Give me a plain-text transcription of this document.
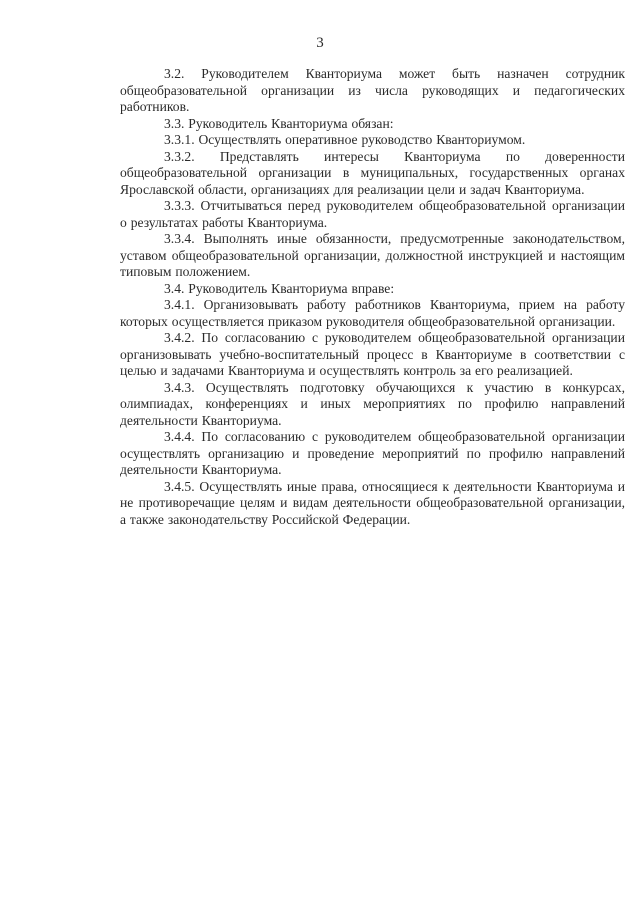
3

3.2. Руководителем Кванториума может быть назначен сотрудник общеобразовательной организации из числа руководящих и педагогических работников.

3.3. Руководитель Кванториума обязан:

3.3.1. Осуществлять оперативное руководство Кванториумом.

3.3.2. Представлять интересы Кванториума по доверенности общеобразовательной организации в муниципальных, государственных органах Ярославской области, организациях для реализации цели и задач Кванториума.

3.3.3. Отчитываться перед руководителем общеобразовательной организации о результатах работы Кванториума.

3.3.4. Выполнять иные обязанности, предусмотренные законодательством, уставом общеобразовательной организации, должностной инструкцией и настоящим типовым положением.

3.4. Руководитель Кванториума вправе:

3.4.1. Организовывать работу работников Кванториума, прием на работу которых осуществляется приказом руководителя общеобразовательной организации.

3.4.2. По согласованию с руководителем общеобразовательной организации организовывать учебно-воспитательный процесс в Кванториуме в соответствии с целью и задачами Кванториума и осуществлять контроль за его реализацией.

3.4.3. Осуществлять подготовку обучающихся к участию в конкурсах, олимпиадах, конференциях и иных мероприятиях по профилю направлений деятельности Кванториума.

3.4.4. По согласованию с руководителем общеобразовательной организации осуществлять организацию и проведение мероприятий по профилю направлений деятельности Кванториума.

3.4.5. Осуществлять иные права, относящиеся к деятельности Кванториума и не противоречащие целям и видам деятельности общеобразовательной организации, а также законодательству Российской Федерации.
